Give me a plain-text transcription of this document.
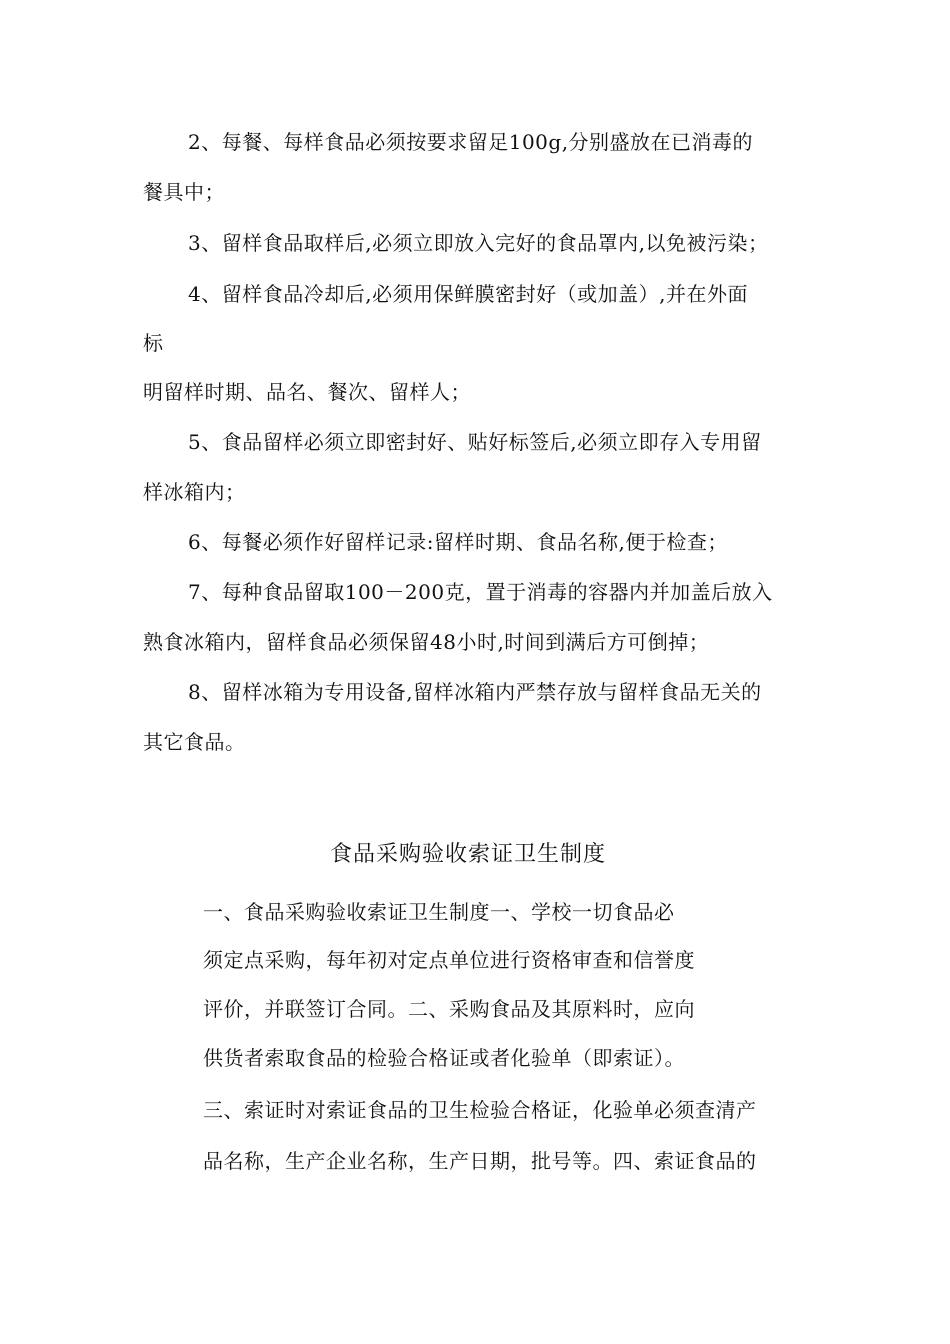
2、每餐、每样食品必须按要求留足100g,分别盛放在已消毒的

餐具中；

3、留样食品取样后,必须立即放入完好的食品罩内,以免被污染；

4、留样食品冷却后,必须用保鲜膜密封好（或加盖）,并在外面

标

明留样时期、品名、餐次、留样人；

5、食品留样必须立即密封好、贴好标签后,必须立即存入专用留

样冰箱内；

6、每餐必须作好留样记录:留样时期、食品名称,便于检查；

7、每种食品留取100－200克，置于消毒的容器内并加盖后放入

熟食冰箱内，留样食品必须保留48小时,时间到满后方可倒掉；

8、留样冰箱为专用设备,留样冰箱内严禁存放与留样食品无关的

其它食品。

食品采购验收索证卫生制度

一、食品采购验收索证卫生制度一、学校一切食品必

须定点采购，每年初对定点单位进行资格审查和信誉度

评价，并联签订合同。二、采购食品及其原料时，应向

供货者索取食品的检验合格证或者化验单（即索证）。

三、索证时对索证食品的卫生检验合格证，化验单必须查清产

品名称，生产企业名称，生产日期，批号等。四、索证食品的
